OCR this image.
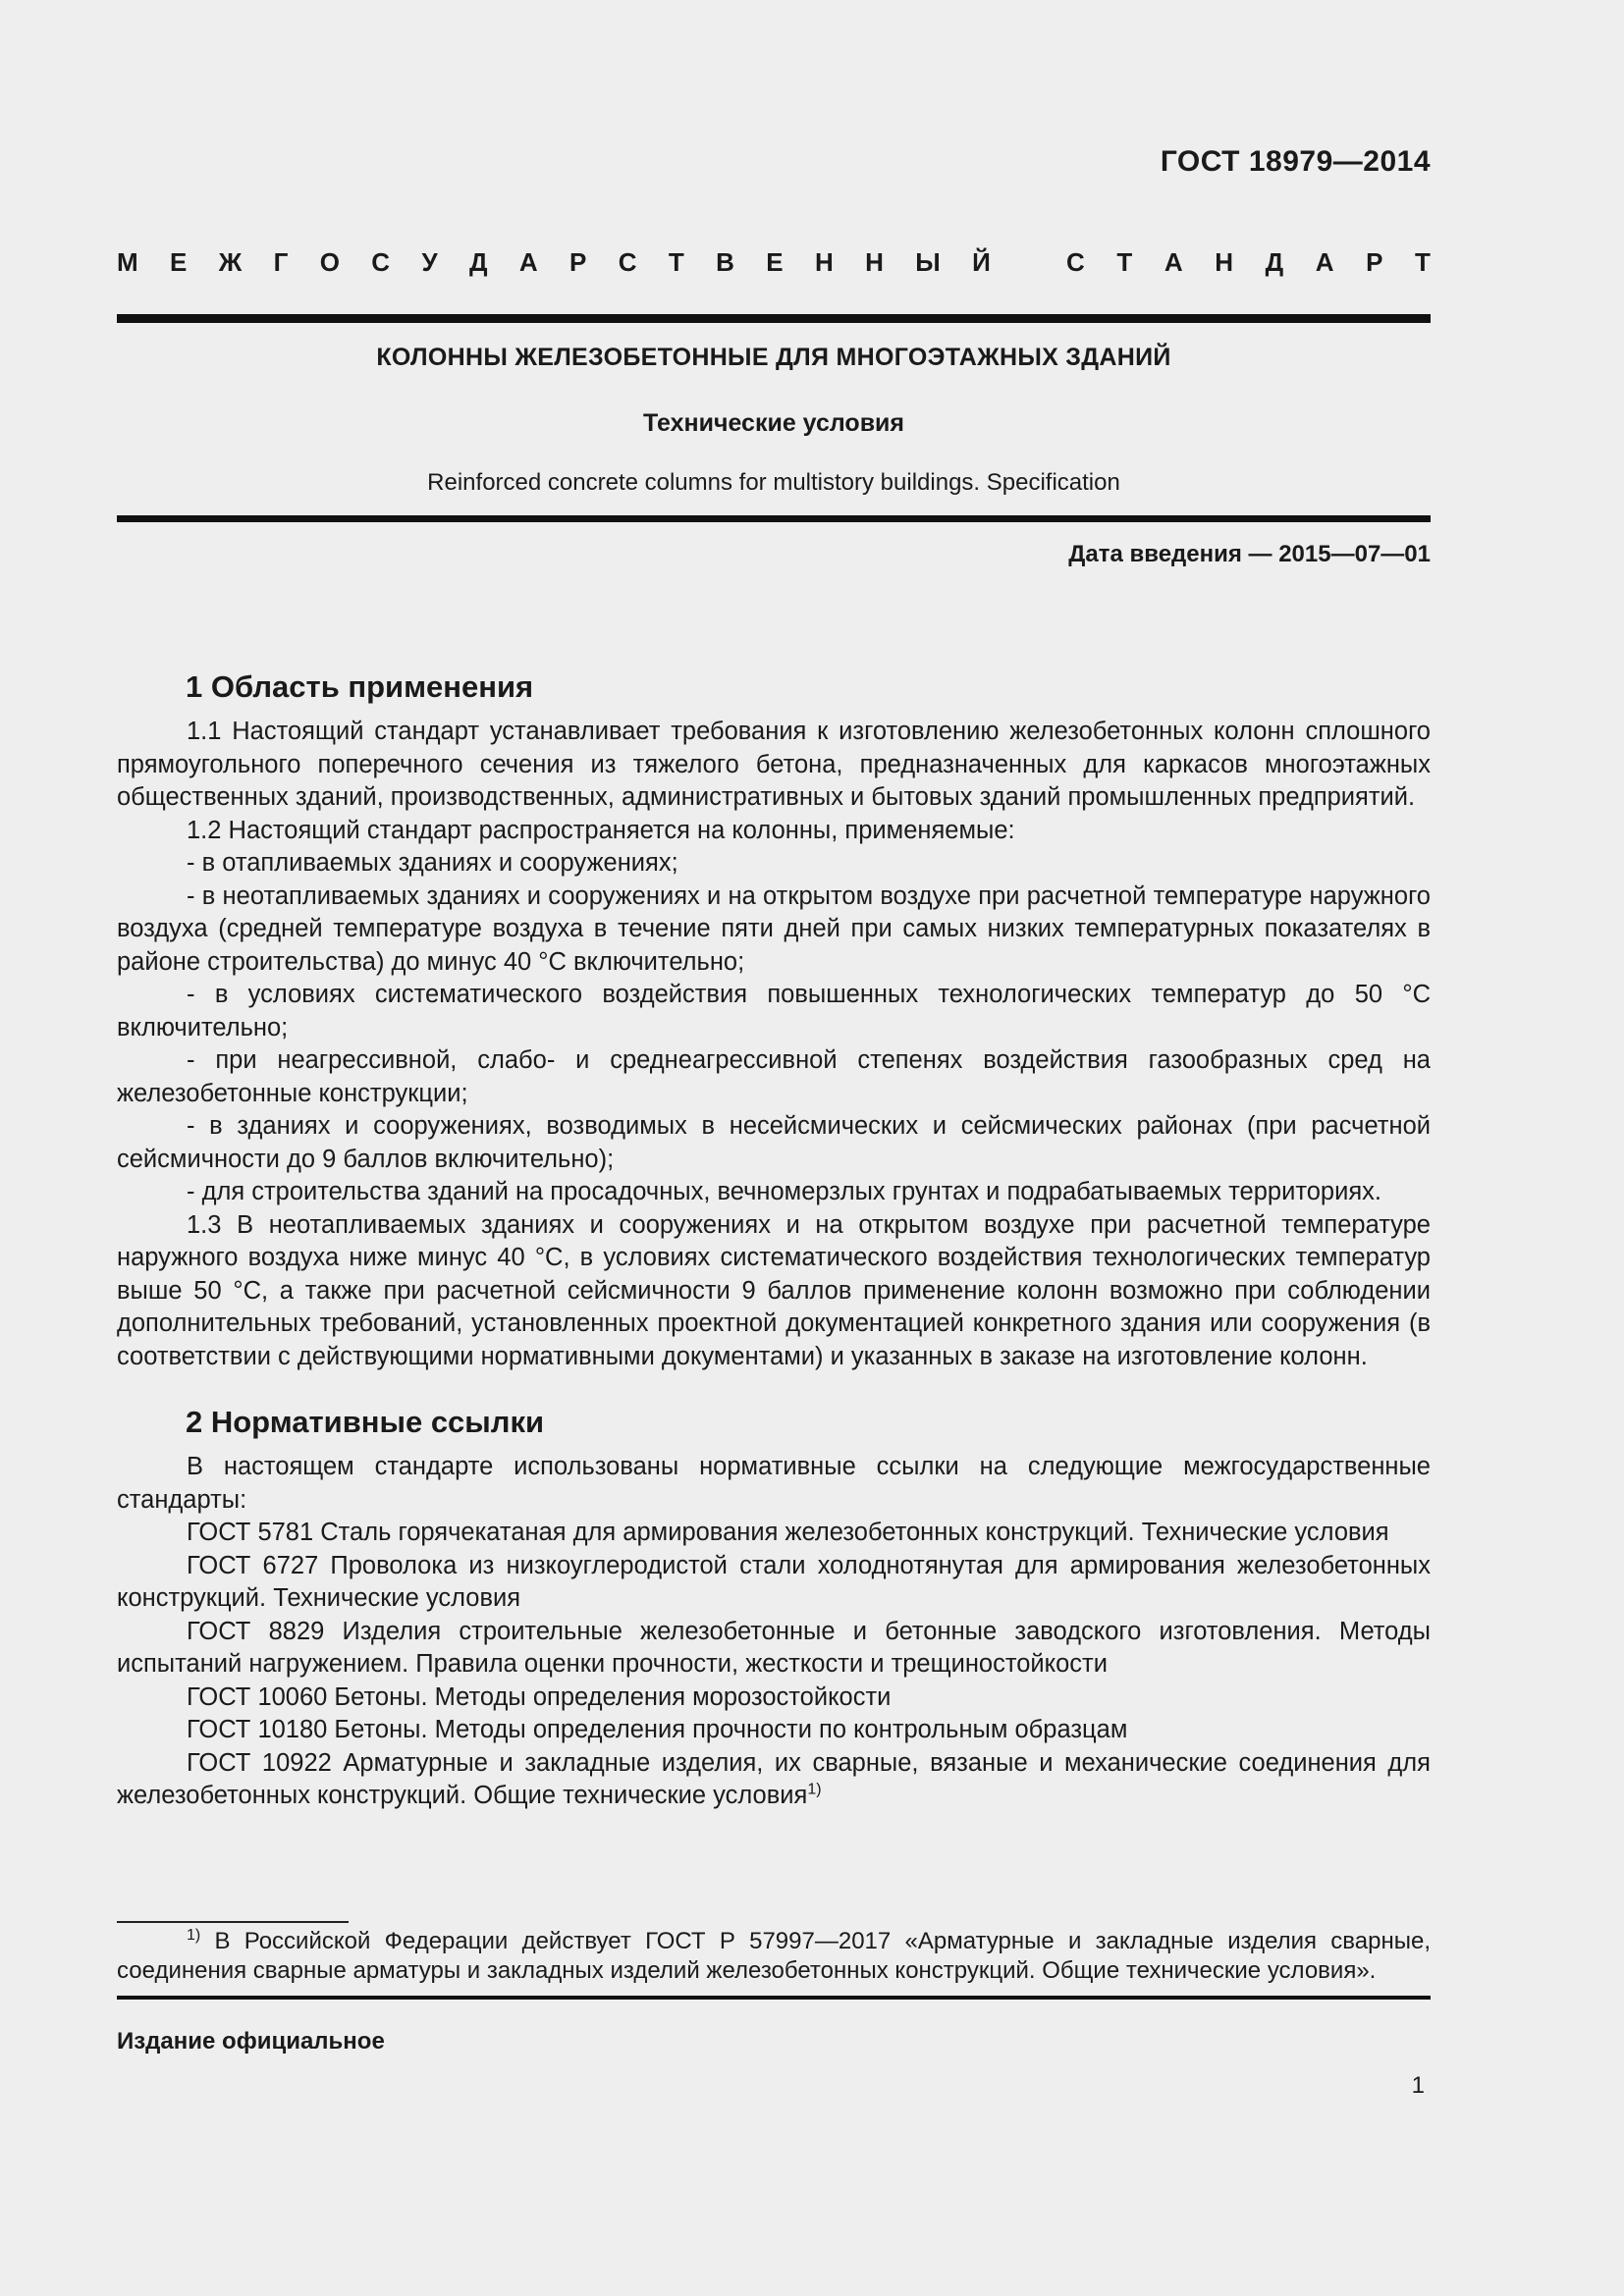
ГОСТ 18979—2014
М Е Ж Г О С У Д А Р С Т В Е Н Н Ы Й	С Т А Н Д А Р Т
КОЛОННЫ ЖЕЛЕЗОБЕТОННЫЕ ДЛЯ МНОГОЭТАЖНЫХ ЗДАНИЙ
Технические условия
Reinforced concrete columns for multistory buildings. Specification
Дата введения — 2015—07—01
1 Область применения

1.1 Настоящий стандарт устанавливает требования к изготовлению железобетонных колонн сплошного прямоугольного поперечного сечения из тяжелого бетона, предназначенных для каркасов многоэтажных общественных зданий, производственных, административных и бытовых зданий промышленных предприятий.

1.2 Настоящий стандарт распространяется на колонны, применяемые:

- в отапливаемых зданиях и сооружениях;

- в неотапливаемых зданиях и сооружениях и на открытом воздухе при расчетной температуре наружного воздуха (средней температуре воздуха в течение пяти дней при самых низких температурных показателях в районе строительства) до минус 40 °С включительно;

- в условиях систематического воздействия повышенных технологических температур до 50 °С включительно;

- при неагрессивной, слабо- и среднеагрессивной степенях воздействия газообразных сред на железобетонные конструкции;

- в зданиях и сооружениях, возводимых в несейсмических и сейсмических районах (при расчетной сейсмичности до 9 баллов включительно);

- для строительства зданий на просадочных, вечномерзлых грунтах и подрабатываемых территориях.

1.3 В неотапливаемых зданиях и сооружениях и на открытом воздухе при расчетной температуре наружного воздуха ниже минус 40 °С, в условиях систематического воздействия технологических температур выше 50 °С, а также при расчетной сейсмичности 9 баллов применение колонн возможно при соблюдении дополнительных требований, установленных проектной документацией конкретного здания или сооружения (в соответствии с действующими нормативными документами) и указанных в заказе на изготовление колонн.

2 Нормативные ссылки

В настоящем стандарте использованы нормативные ссылки на следующие межгосударственные стандарты:

ГОСТ 5781 Сталь горячекатаная для армирования железобетонных конструкций. Технические условия

ГОСТ 6727 Проволока из низкоуглеродистой стали холоднотянутая для армирования железобетонных конструкций. Технические условия

ГОСТ 8829 Изделия строительные железобетонные и бетонные заводского изготовления. Методы испытаний нагружением. Правила оценки прочности, жесткости и трещиностойкости

ГОСТ 10060 Бетоны. Методы определения морозостойкости

ГОСТ 10180 Бетоны. Методы определения прочности по контрольным образцам

ГОСТ 10922 Арматурные и закладные изделия, их сварные, вязаные и механические соединения для железобетонных конструкций. Общие технические условия$^{1)}$

$^{1)}$ В Российской Федерации действует ГОСТ Р 57997—2017 «Арматурные и закладные изделия сварные, соединения сварные арматуры и закладных изделий железобетонных конструкций. Общие технические условия».
Издание официальное
1
